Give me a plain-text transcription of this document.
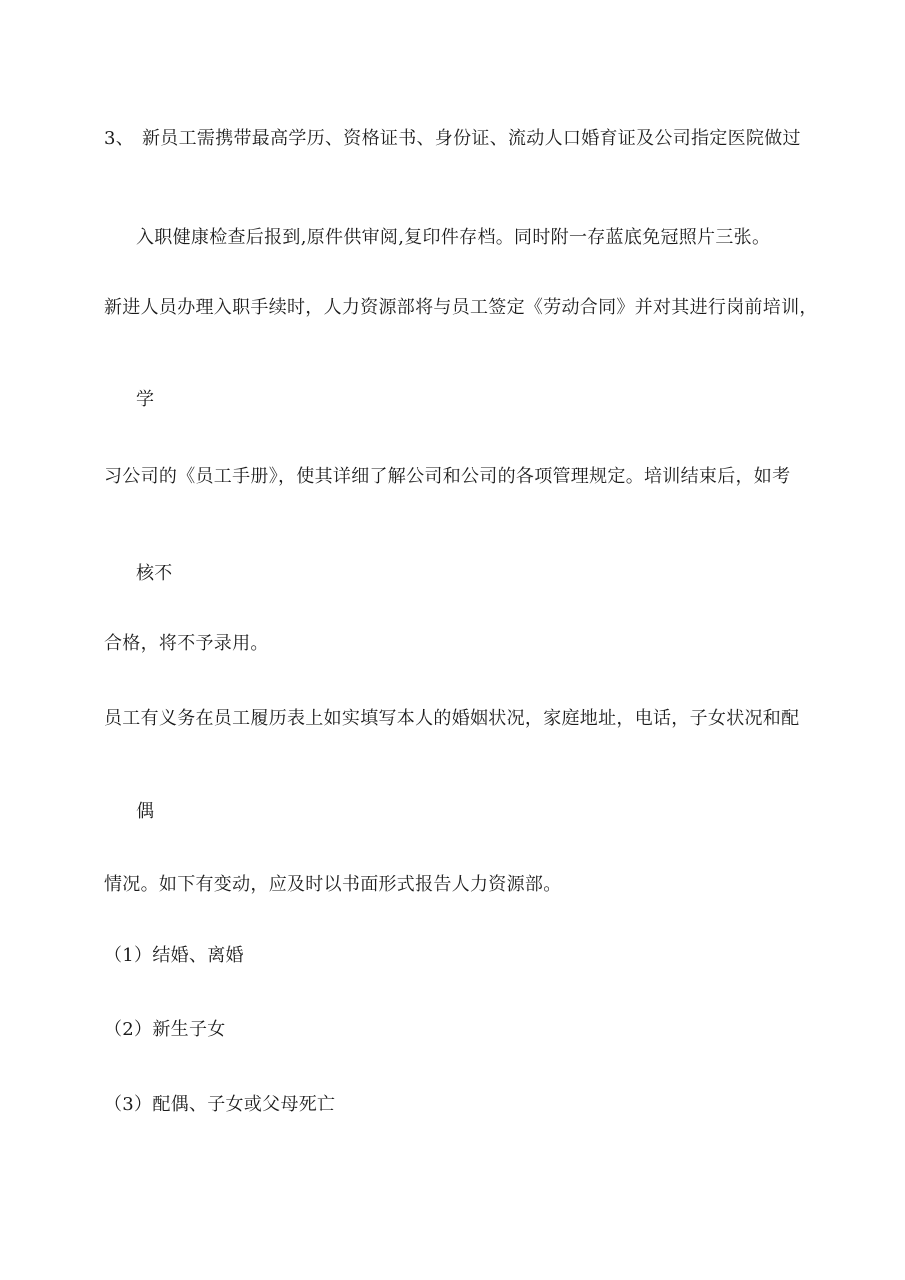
3、 新员工需携带最高学历、资格证书、身份证、流动人口婚育证及公司指定医院做过
入职健康检查后报到,原件供审阅,复印件存档。同时附一存蓝底免冠照片三张。
新进人员办理入职手续时，人力资源部将与员工签定《劳动合同》并对其进行岗前培训，
学
习公司的《员工手册》，使其详细了解公司和公司的各项管理规定。培训结束后，如考
核不
合格，将不予录用。
员工有义务在员工履历表上如实填写本人的婚姻状况，家庭地址，电话，子女状况和配
偶
情况。如下有变动，应及时以书面形式报告人力资源部。
（1）结婚、离婚
（2）新生子女
（3）配偶、子女或父母死亡
